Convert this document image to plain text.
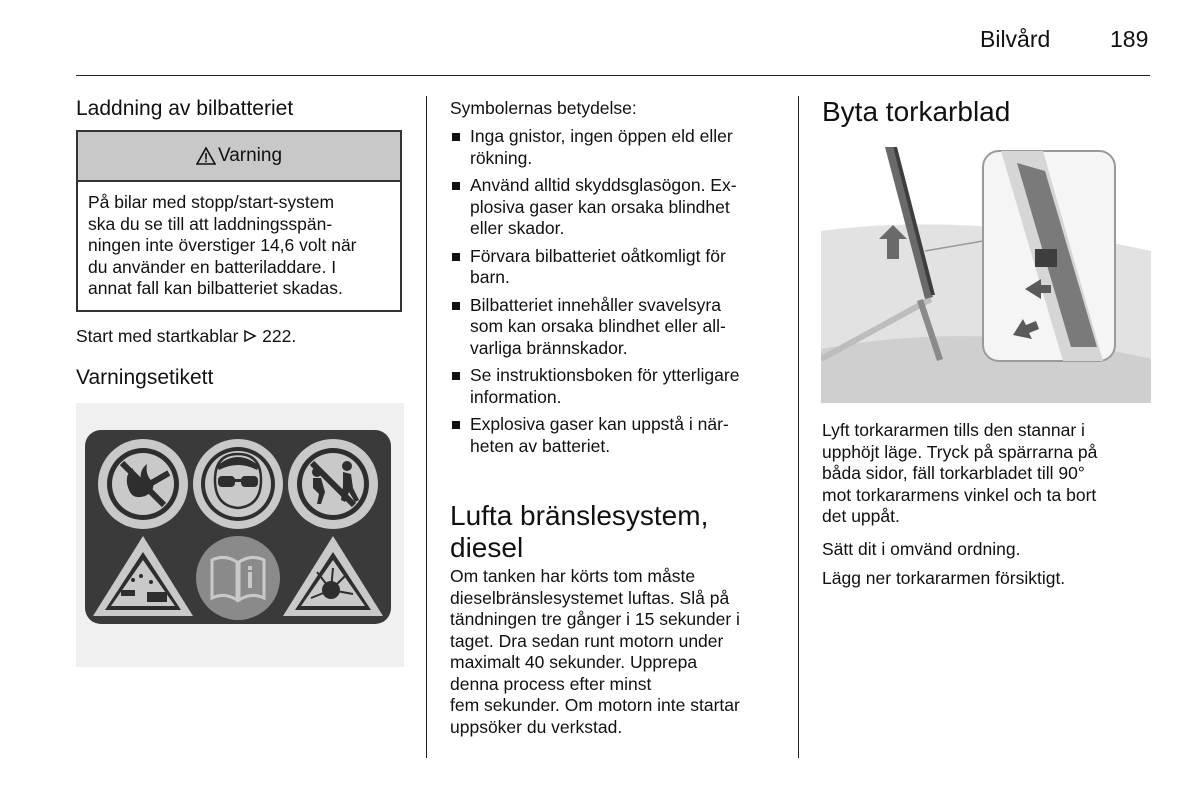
Bilvård	189
Laddning av bilbatteriet
Varning
På bilar med stopp/start-system
ska du se till att laddningsspän-
ningen inte överstiger 14,6 volt när
du använder en batteriladdare. I
annat fall kan bilbatteriet skadas.
Start med startkablar 222.
Varningsetikett
Symbolernas betydelse:
Inga gnistor, ingen öppen eld eller
rökning.
Använd alltid skyddsglasögon. Ex-
plosiva gaser kan orsaka blindhet
eller skador.
Förvara bilbatteriet oåtkomligt för
barn.
Bilbatteriet innehåller svavelsyra
som kan orsaka blindhet eller all-
varliga brännskador.
Se instruktionsboken för ytterligare
information.
Explosiva gaser kan uppstå i när-
heten av batteriet.
Lufta bränslesystem,
diesel
Om tanken har körts tom måste
dieselbränslesystemet luftas. Slå på
tändningen tre gånger i 15 sekunder i
taget. Dra sedan runt motorn under
maximalt 40 sekunder. Upprepa
denna process efter minst
fem sekunder. Om motorn inte startar
uppsöker du verkstad.
Byta torkarblad
Lyft torkararmen tills den stannar i
upphöjt läge. Tryck på spärrarna på
båda sidor, fäll torkarbladet till 90°
mot torkararmens vinkel och ta bort
det uppåt.
Sätt dit i omvänd ordning.
Lägg ner torkararmen försiktigt.
